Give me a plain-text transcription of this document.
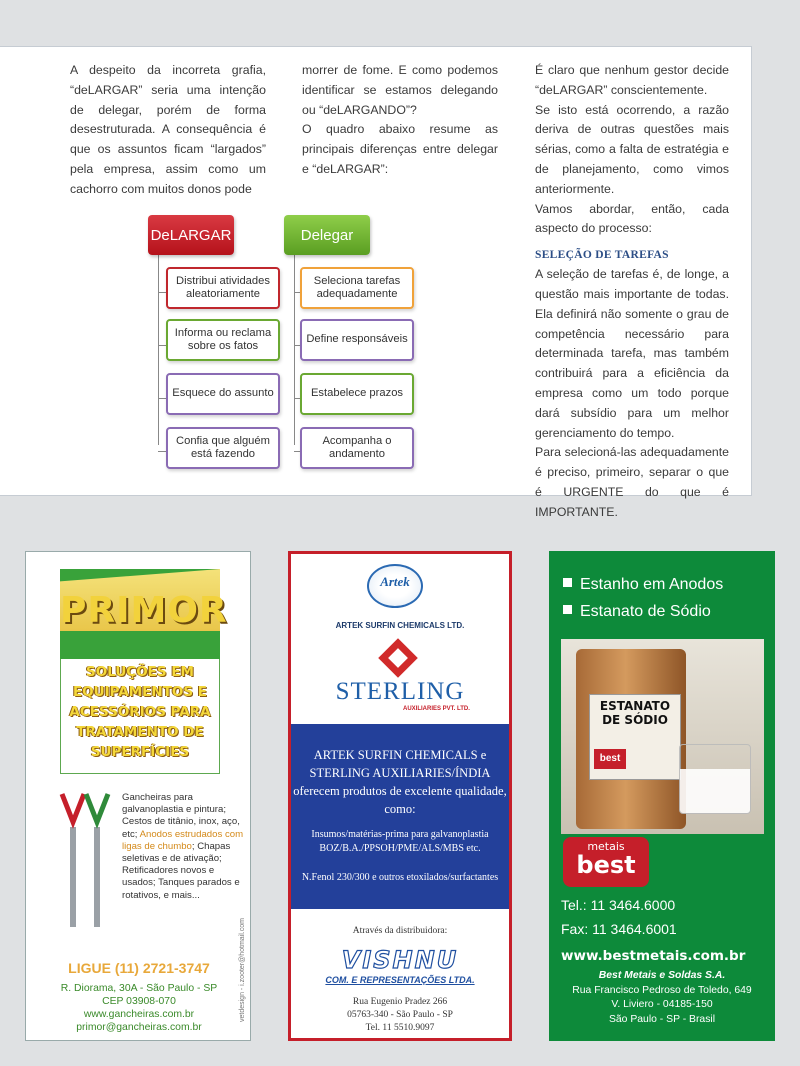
A despeito da incorreta grafia, “deLARGAR” seria uma intenção de delegar, porém de forma desestruturada. A consequência é que os assuntos ficam “largados” pela empresa, assim como um cachorro com muitos donos pode

morrer de fome. E como podemos identificar se estamos delegando ou “deLARGANDO”?

O quadro abaixo resume as principais diferenças entre delegar e “deLARGAR”:

É claro que nenhum gestor decide “deLARGAR” conscientemente.

Se isto está ocorrendo, a razão deriva de outras questões mais sérias, como a falta de estratégia e de planejamento, como vimos anteriormente.

Vamos abordar, então, cada aspecto do processo:

SELEÇÃO DE TAREFAS

A seleção de tarefas é, de longe, a questão mais importante de todas. Ela definirá não somente o grau de competência necessário para determinada tarefa, mas também contribuirá para a eficiência da empresa como um todo porque dará subsídio para um melhor gerenciamento do tempo.

Para selecioná-las adequadamente é preciso, primeiro, separar o que é URGENTE do que é IMPORTANTE.

DeLARGAR	Delegar
Distribui atividades aleatoriamente
Informa ou reclama sobre os fatos
Esquece do assunto
Confia que alguém está fazendo
Seleciona tarefas adequadamente
Define responsáveis
Estabelece prazos
Acompanha o andamento
PRIMOR
SOLUÇÕES EM EQUIPAMENTOS E ACESSÓRIOS PARA TRATAMENTO DE SUPERFÍCIES
Gancheiras para galvanoplastia e pintura; Cestos de titânio, inox, aço, etc; Anodos estrudados com ligas de chumbo; Chapas seletivas e de ativação; Retificadores novos e usados; Tanques parados e rotativos, e mais...
LIGUE (11) 2721-3747
R. Diorama, 30A - São Paulo - SP
CEP 03908-070
www.gancheiras.com.br
primor@gancheiras.com.br
vetdesign - i.zooter@hotmail.com
Artek
ARTEK SURFIN CHEMICALS LTD.
STERLING
AUXILIARIES PVT. LTD.
ARTEK SURFIN CHEMICALS e STERLING AUXILIARIES/ÍNDIA oferecem produtos de excelente qualidade, como:
Insumos/matérias-prima para galvanoplastia BOZ/B.A./PPSOH/PME/ALS/MBS etc.
N.Fenol 230/300 e outros etoxilados/surfactantes
Através da distribuidora:
VISHNU
COM. E REPRESENTAÇÕES LTDA.
Rua Eugenio Pradez 266
05763-340 - São Paulo - SP
Tel. 11 5510.9097
Estanho em Anodos
Estanato de Sódio
ESTANATO DE SÓDIO
best
metais
best
Tel.: 11 3464.6000
Fax: 11 3464.6001
www.bestmetais.com.br
Best Metais e Soldas S.A.
Rua Francisco Pedroso de Toledo, 649
V. Liviero - 04185-150
São Paulo - SP - Brasil
